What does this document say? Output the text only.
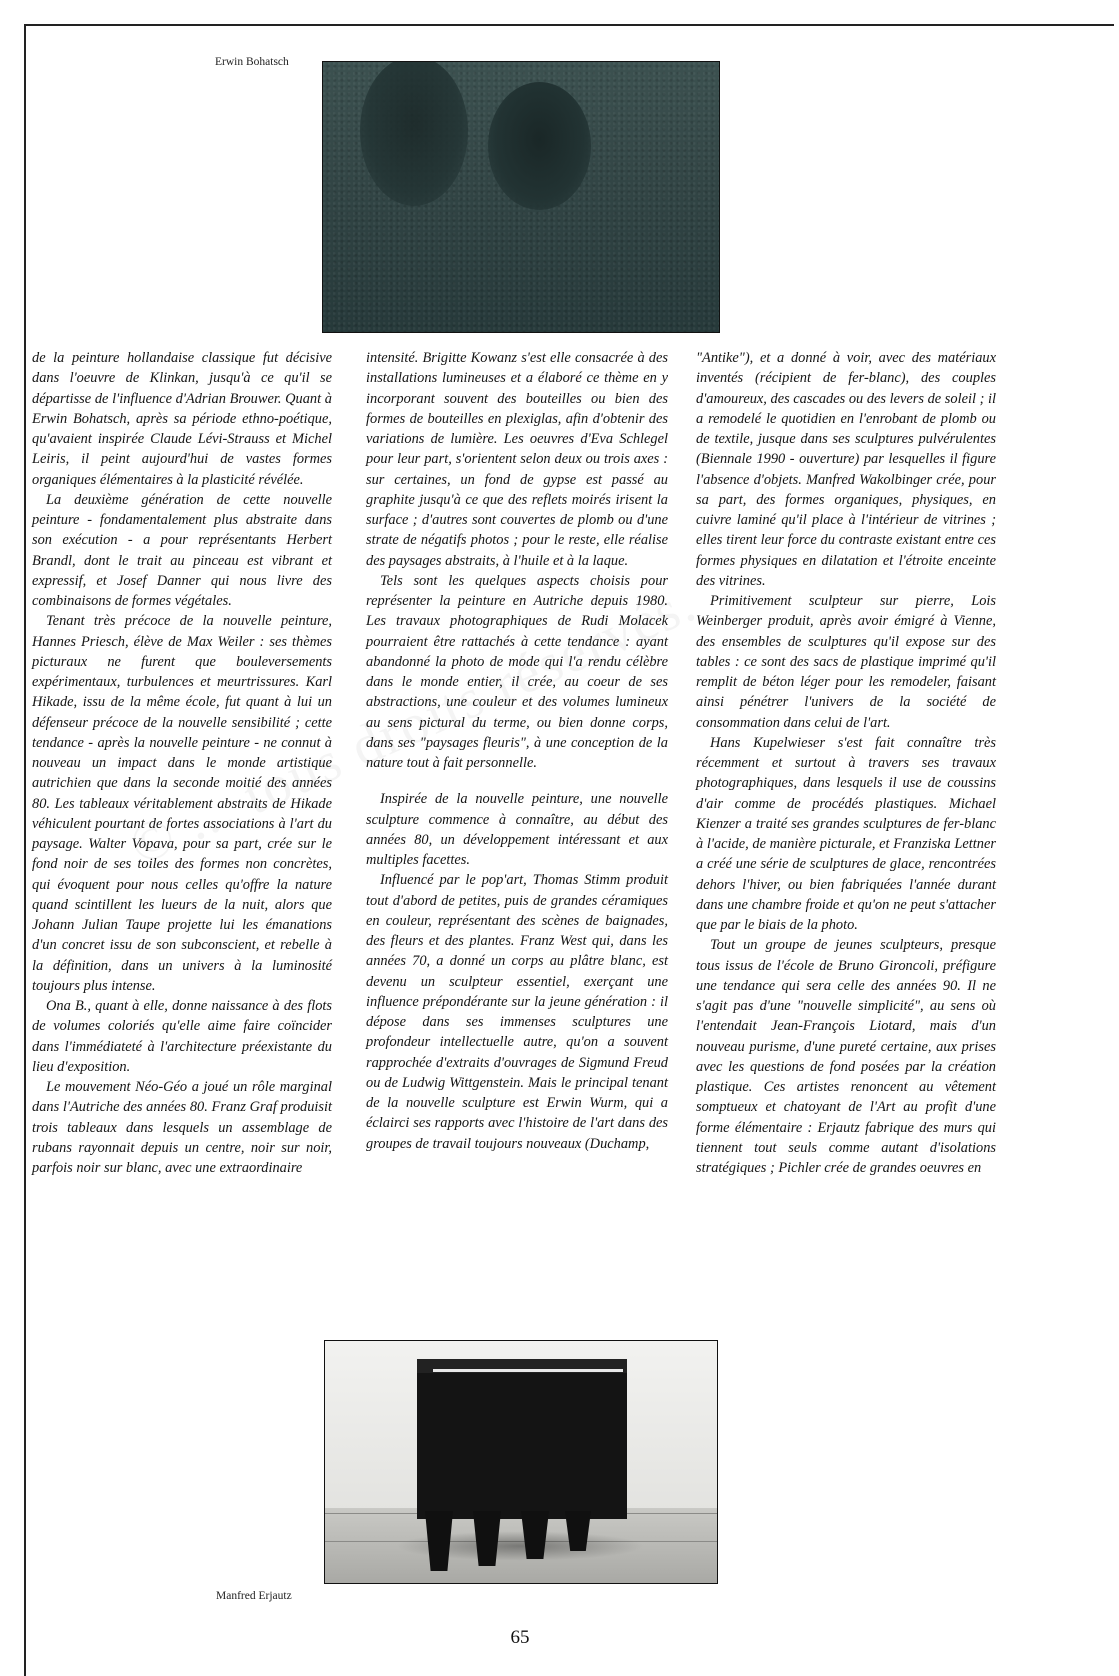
Erwin Bohatsch

de la peinture hollandaise classique fut décisive dans l'oeuvre de Klinkan, jusqu'à ce qu'il se départisse de l'influence d'Adrian Brouwer. Quant à Erwin Bohatsch, après sa période ethno-poétique, qu'avaient inspirée Claude Lévi-Strauss et Michel Leiris, il peint aujourd'hui de vastes formes organiques élémentaires à la plasticité révélée.

La deuxième génération de cette nouvelle peinture - fondamentalement plus abstraite dans son exécution - a pour représentants Herbert Brandl, dont le trait au pinceau est vibrant et expressif, et Josef Danner qui nous livre des combinaisons de formes végétales.

Tenant très précoce de la nouvelle peinture, Hannes Priesch, élève de Max Weiler : ses thèmes picturaux ne furent que bouleversements expérimentaux, turbulences et meurtrissures. Karl Hikade, issu de la même école, fut quant à lui un défenseur précoce de la nouvelle sensibilité ; cette tendance - après la nouvelle peinture - ne connut à nouveau un impact dans le monde artistique autrichien que dans la seconde moitié des années 80. Les tableaux véritablement abstraits de Hikade véhiculent pourtant de fortes associations à l'art du paysage. Walter Vopava, pour sa part, crée sur le fond noir de ses toiles des formes non concrètes, qui évoquent pour nous celles qu'offre la nature quand scintillent les lueurs de la nuit, alors que Johann Julian Taupe projette lui les émanations d'un concret issu de son subconscient, et rebelle à la définition, dans un univers à la luminosité toujours plus intense.

Ona B., quant à elle, donne naissance à des flots de volumes coloriés qu'elle aime faire coïncider dans l'immédiateté à l'architecture préexistante du lieu d'exposition.

Le mouvement Néo-Géo a joué un rôle marginal dans l'Autriche des années 80. Franz Graf produisit trois tableaux dans lesquels un assemblage de rubans rayonnait depuis un centre, noir sur noir, parfois noir sur blanc, avec une extraordinaire

intensité. Brigitte Kowanz s'est elle consacrée à des installations lumineuses et a élaboré ce thème en y incorporant souvent des bouteilles ou bien des formes de bouteilles en plexiglas, afin d'obtenir des variations de lumière. Les oeuvres d'Eva Schlegel pour leur part, s'orientent selon deux ou trois axes : sur certaines, un fond de gypse est passé au graphite jusqu'à ce que des reflets moirés irisent la surface ; d'autres sont couvertes de plomb ou d'une strate de négatifs photos ; pour le reste, elle réalise des paysages abstraits, à l'huile et à la laque.

Tels sont les quelques aspects choisis pour représenter la peinture en Autriche depuis 1980. Les travaux photographiques de Rudi Molacek pourraient être rattachés à cette tendance : ayant abandonné la photo de mode qui l'a rendu célèbre dans le monde entier, il crée, au coeur de ses abstractions, une couleur et des volumes lumineux au sens pictural du terme, ou bien donne corps, dans ses "paysages fleuris", à une conception de la nature tout à fait personnelle.

Inspirée de la nouvelle peinture, une nouvelle sculpture commence à connaître, au début des années 80, un développement intéressant et aux multiples facettes.

Influencé par le pop'art, Thomas Stimm produit tout d'abord de petites, puis de grandes céramiques en couleur, représentant des scènes de baignades, des fleurs et des plantes. Franz West qui, dans les années 70, a donné un corps au plâtre blanc, est devenu un sculpteur essentiel, exerçant une influence prépondérante sur la jeune génération : il dépose dans ses immenses sculptures une profondeur intellectuelle autre, qu'on a souvent rapprochée d'extraits d'ouvrages de Sigmund Freud ou de Ludwig Wittgenstein. Mais le principal tenant de la nouvelle sculpture est Erwin Wurm, qui a éclairci ses rapports avec l'histoire de l'art dans des groupes de travail toujours nouveaux (Duchamp,

"Antike"), et a donné à voir, avec des matériaux inventés (récipient de fer-blanc), des couples d'amoureux, des cascades ou des levers de soleil ; il a remodelé le quotidien en l'enrobant de plomb ou de textile, jusque dans ses sculptures pulvérulentes (Biennale 1990 - ouverture) par lesquelles il figure l'absence d'objets. Manfred Wakolbinger crée, pour sa part, des formes organiques, physiques, en cuivre laminé qu'il place à l'intérieur de vitrines ; elles tirent leur force du contraste existant entre ces formes physiques en dilatation et l'étroite enceinte des vitrines.

Primitivement sculpteur sur pierre, Lois Weinberger produit, après avoir émigré à Vienne, des ensembles de sculptures qu'il expose sur des tables : ce sont des sacs de plastique imprimé qu'il remplit de béton léger pour les remodeler, faisant ainsi pénétrer l'univers de la société de consommation dans celui de l'art.

Hans Kupelwieser s'est fait connaître très récemment et surtout à travers ses travaux photographiques, dans lesquels il use de coussins d'air comme de procédés plastiques. Michael Kienzer a traité ses grandes sculptures de fer-blanc à l'acide, de manière picturale, et Franziska Lettner a créé une série de sculptures de glace, rencontrées dehors l'hiver, ou bien fabriquées l'année durant dans une chambre froide et qu'on ne peut s'attacher que par le biais de la photo.

Tout un groupe de jeunes sculpteurs, presque tous issus de l'école de Bruno Gironcoli, préfigure une tendance qui sera celle des années 90. Il ne s'agit pas d'une "nouvelle simplicité", au sens où l'entendait Jean-François Liotard, mais d'un nouveau purisme, d'une pureté certaine, aux prises avec les questions de fond posées par la création plastique. Ces artistes renoncent au vêtement somptueux et chatoyant de l'Art au profit d'une forme élémentaire : Erjautz fabrique des murs qui tiennent tout seuls comme autant d'isolations stratégiques ; Pichler crée de grandes oeuvres en

Manfred Erjautz
65
